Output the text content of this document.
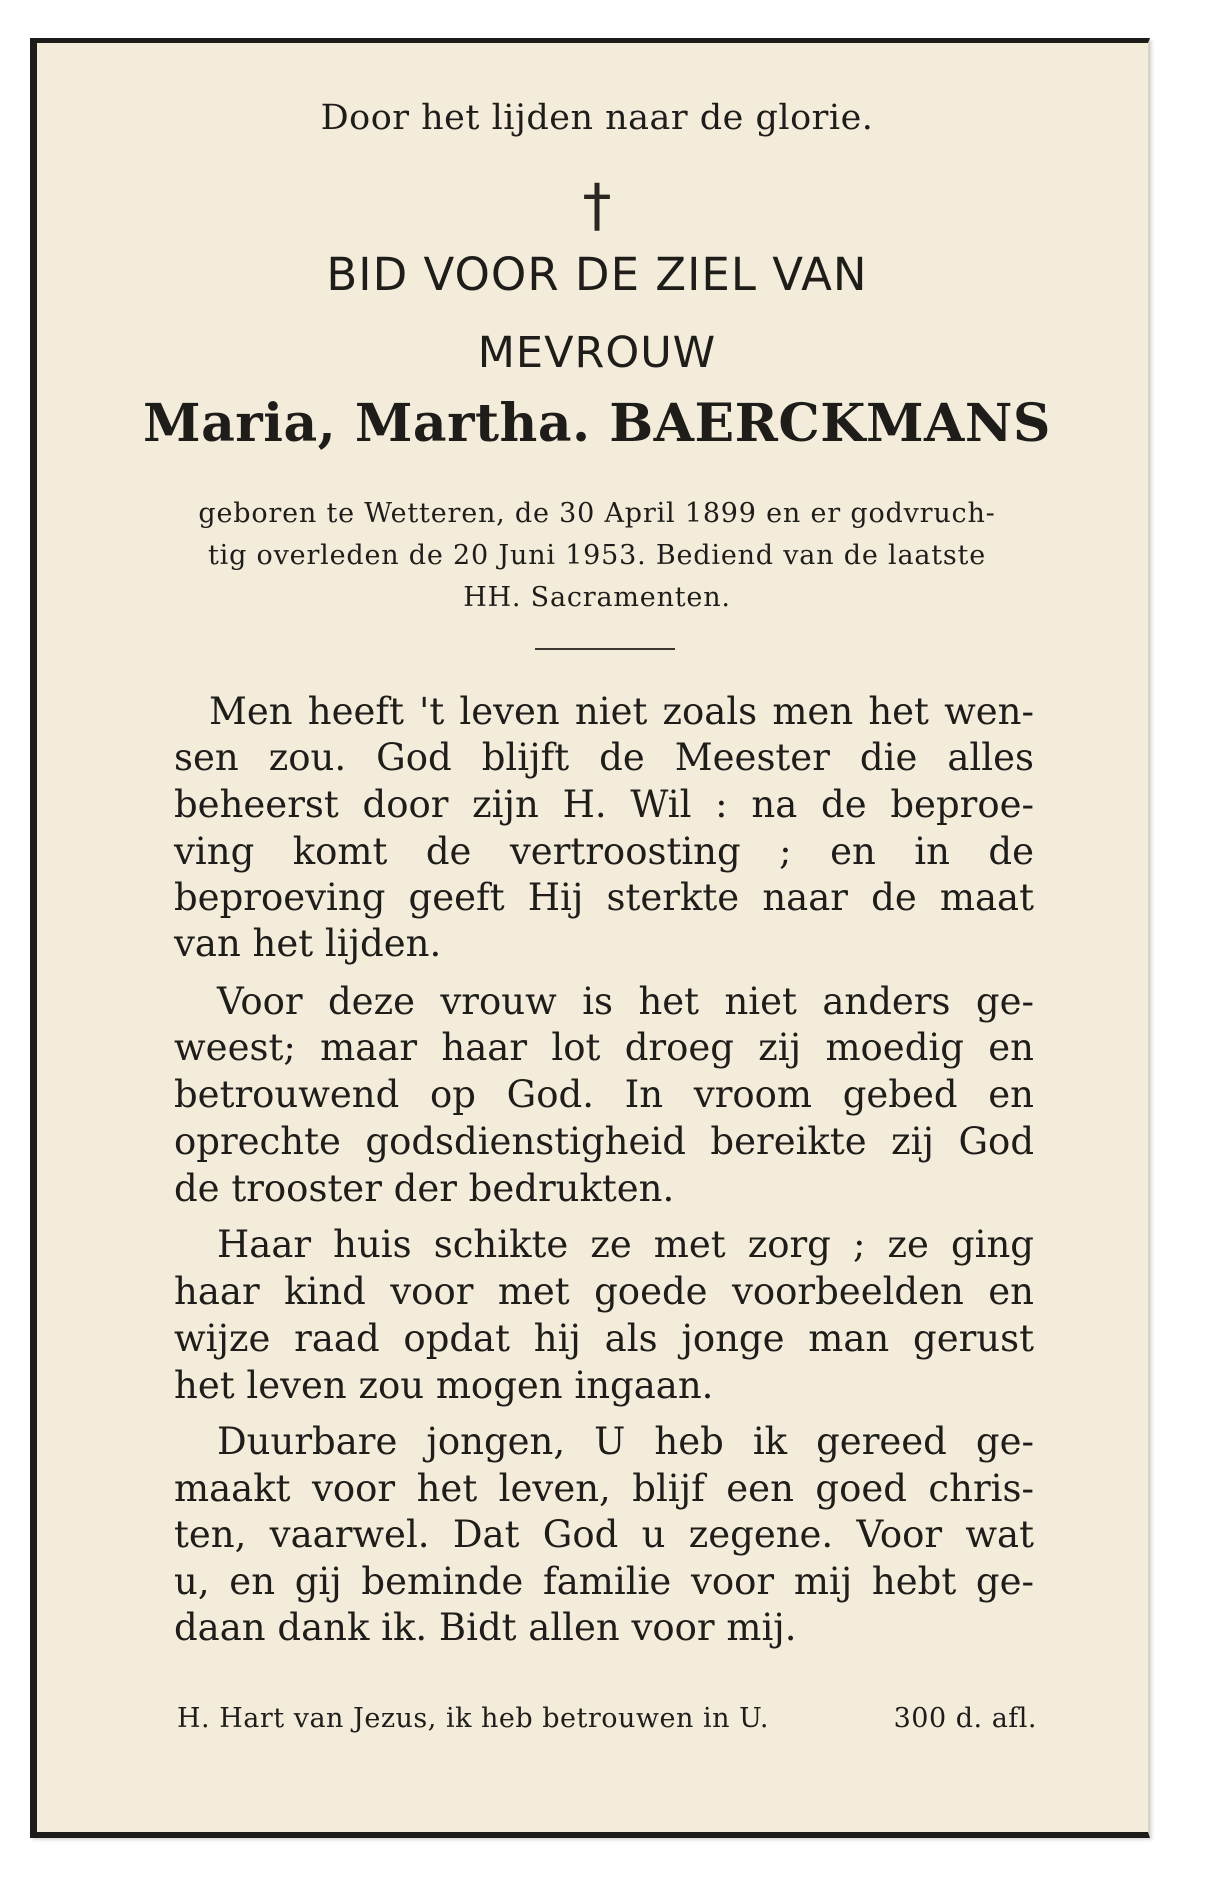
Door het lijden naar de glorie.
†
BID VOOR DE ZIEL VAN
MEVROUW
Maria, Martha. BAERCKMANS
geboren te Wetteren, de 30 April 1899 en er godvruch-
tig overleden de 20 Juni 1953. Bediend van de laatste
HH. Sacramenten.
Men heeft 't leven niet zoals men het wen-
sen zou. God blijft de Meester die alles
beheerst door zijn H. Wil : na de beproe-
ving komt de vertroosting ; en in de
beproeving geeft Hij sterkte naar de maat
van het lijden.
Voor deze vrouw is het niet anders ge-
weest; maar haar lot droeg zij moedig en
betrouwend op God. In vroom gebed en
oprechte godsdienstigheid bereikte zij God
de trooster der bedrukten.
Haar huis schikte ze met zorg ; ze ging
haar kind voor met goede voorbeelden en
wijze raad opdat hij als jonge man gerust
het leven zou mogen ingaan.
Duurbare jongen, U heb ik gereed ge-
maakt voor het leven, blijf een goed chris-
ten, vaarwel. Dat God u zegene. Voor wat
u, en gij beminde familie voor mij hebt ge-
daan dank ik. Bidt allen voor mij.
H. Hart van Jezus, ik heb betrouwen in U.	300 d. afl.
